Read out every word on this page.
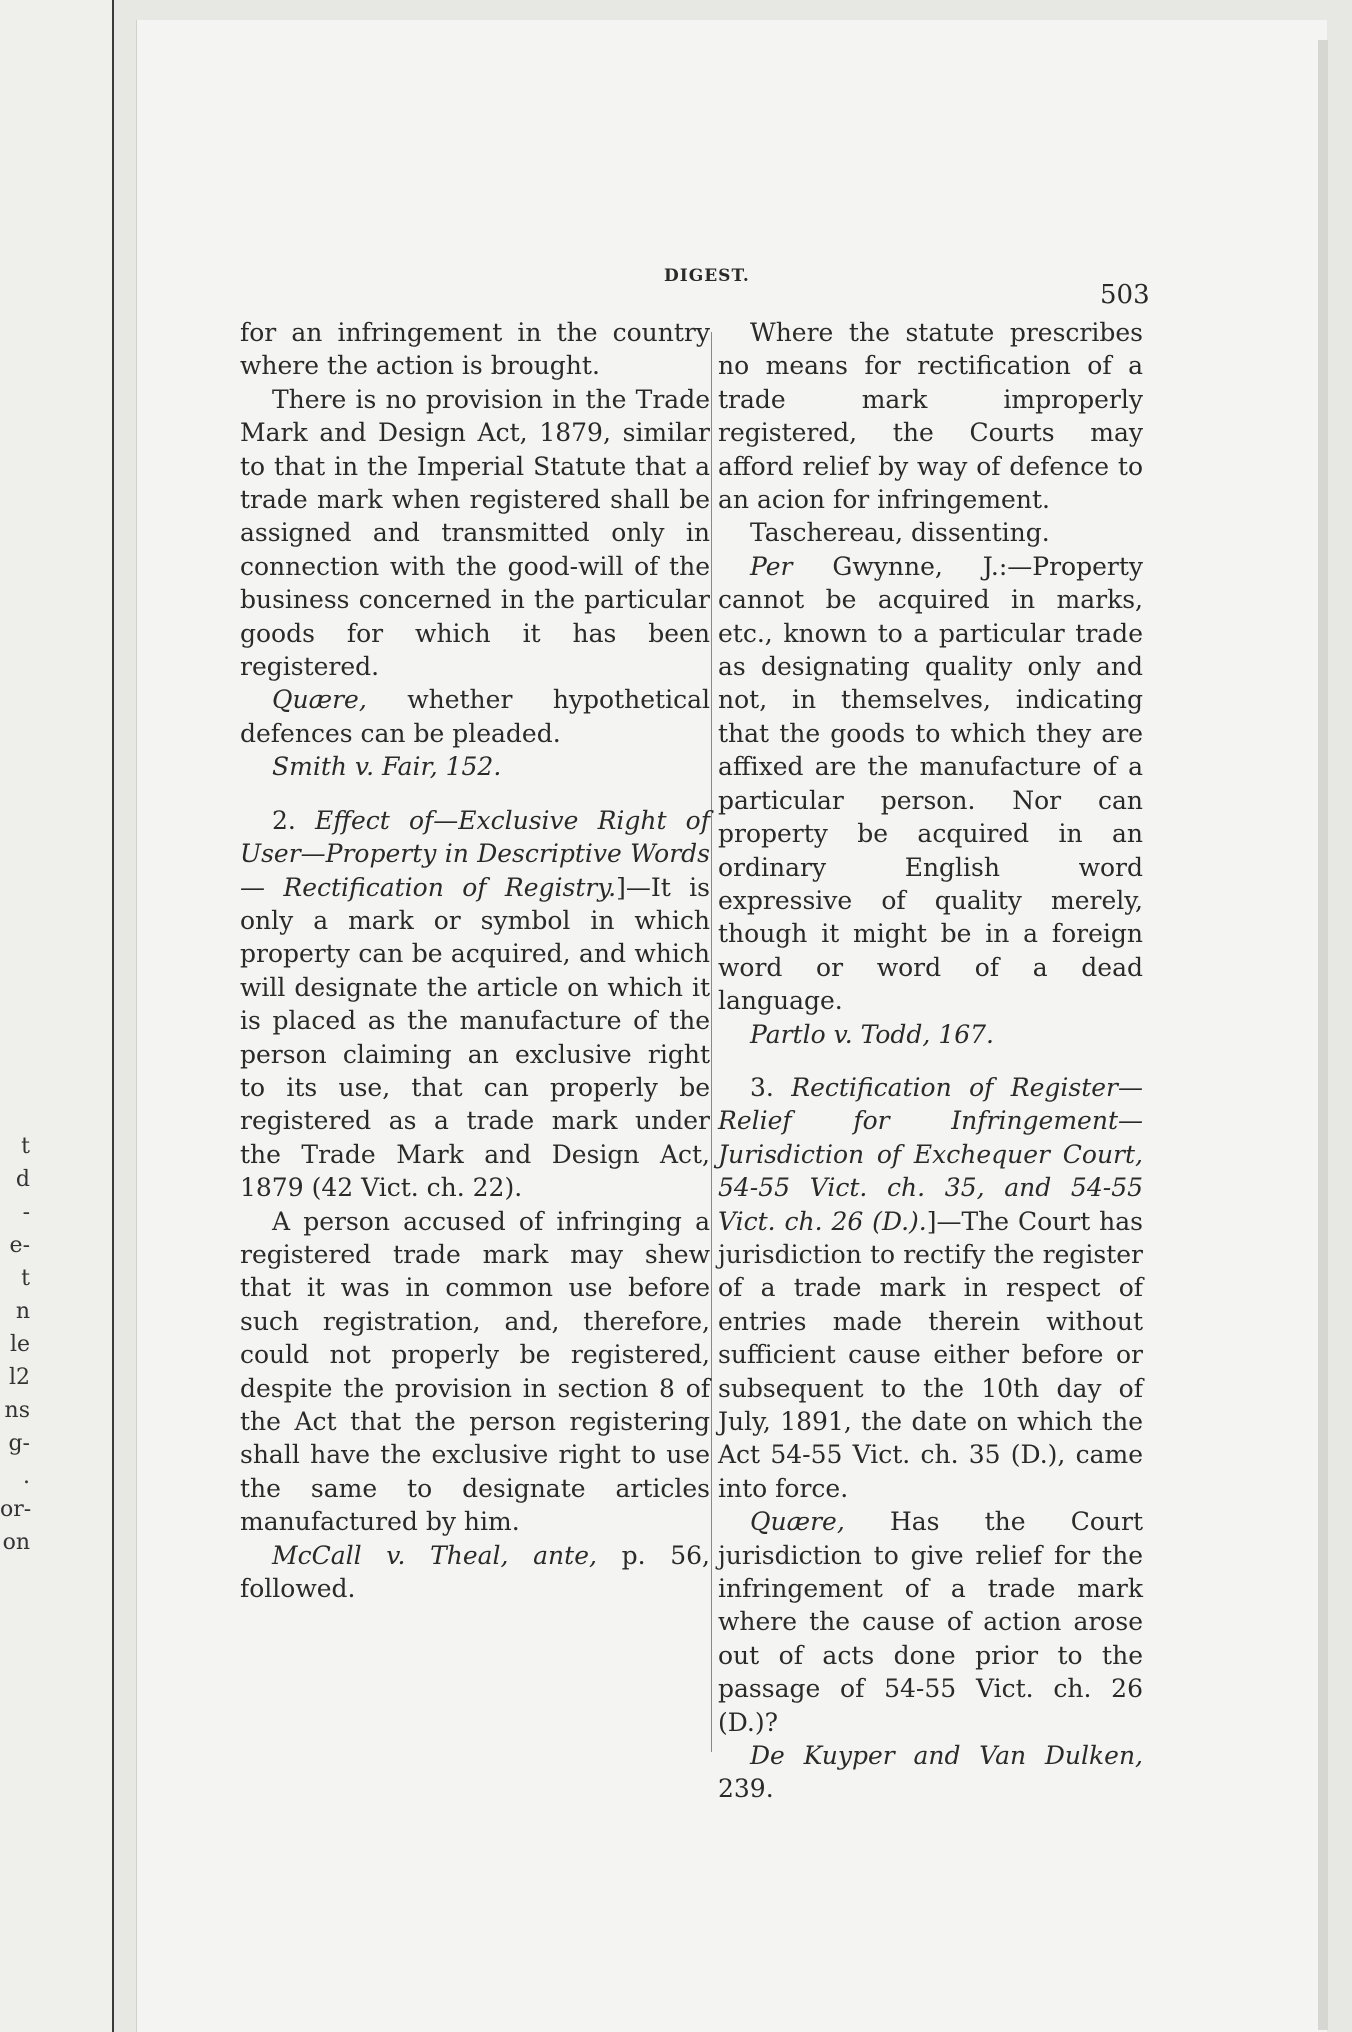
t
d
-
e-
t
n
le
l2
ns
g-
.
or-
on
DIGEST.
503

for an infringement in the country where the action is brought.

There is no provision in the Trade Mark and Design Act, 1879, similar to that in the Imperial Statute that a trade mark when registered shall be assigned and transmitted only in connection with the good-will of the business concerned in the particular goods for which it has been registered.

Quære, whether hypothetical defences can be pleaded.

Smith v. Fair, 152.

2. Effect of—Exclusive Right of User—Property in Descriptive Words — Rectification of Registry.]—It is only a mark or symbol in which property can be acquired, and which will designate the article on which it is placed as the manufacture of the person claiming an exclusive right to its use, that can properly be registered as a trade mark under the Trade Mark and Design Act, 1879 (42 Vict. ch. 22).

A person accused of infringing a registered trade mark may shew that it was in common use before such registration, and, therefore, could not properly be registered, despite the provision in section 8 of the Act that the person registering shall have the exclusive right to use the same to designate articles manufactured by him.

McCall v. Theal, ante, p. 56, followed.

Where the statute prescribes no means for rectification of a trade mark improperly registered, the Courts may afford relief by way of defence to an acion for infringement.

Taschereau, dissenting.

Per Gwynne, J.:—Property cannot be acquired in marks, etc., known to a particular trade as designating quality only and not, in themselves, indicating that the goods to which they are affixed are the manufacture of a particular person. Nor can property be acquired in an ordinary English word expressive of quality merely, though it might be in a foreign word or word of a dead language.

Partlo v. Todd, 167.

3. Rectification of Register—Relief for Infringement—Jurisdiction of Exchequer Court, 54-55 Vict. ch. 35, and 54-55 Vict. ch. 26 (D.).]—The Court has jurisdiction to rectify the register of a trade mark in respect of entries made therein without sufficient cause either before or subsequent to the 10th day of July, 1891, the date on which the Act 54-55 Vict. ch. 35 (D.), came into force.

Quære, Has the Court jurisdiction to give relief for the infringement of a trade mark where the cause of action arose out of acts done prior to the passage of 54-55 Vict. ch. 26 (D.)?

De Kuyper and Van Dulken, 239.
